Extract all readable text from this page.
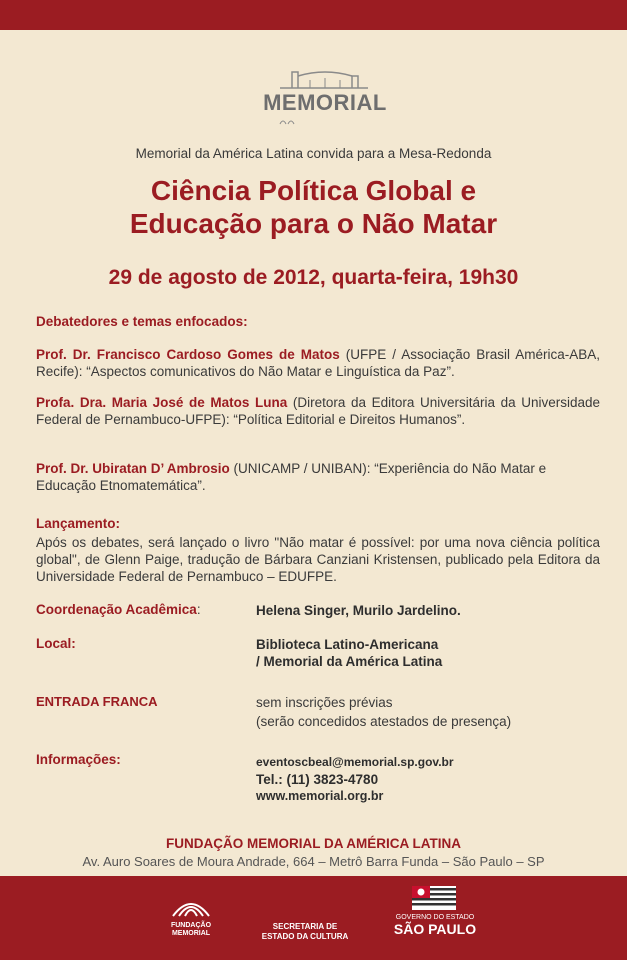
MEMORIAL
Memorial da América Latina convida para a Mesa-Redonda
Ciência Política Global e
Educação para o Não Matar
29 de agosto de 2012, quarta-feira, 19h30
Debatedores e temas enfocados:
Prof. Dr. Francisco Cardoso Gomes de Matos (UFPE / Associação Brasil América-ABA, Recife): “Aspectos comunicativos do Não Matar e Linguística da Paz”.
Profa. Dra. Maria José de Matos Luna (Diretora da Editora Universitária da Universidade Federal de Pernambuco-UFPE): “Política Editorial e Direitos Humanos”.
Prof. Dr. Ubiratan D’ Ambrosio (UNICAMP / UNIBAN): “Experiência do Não Matar e Educação Etnomatemática”.
Lançamento:
Após os debates, será lançado o livro "Não matar é possível: por uma nova ciência política global", de Glenn Paige, tradução de Bárbara Canziani Kristensen, publicado pela Editora da Universidade Federal de Pernambuco – EDUFPE.
Coordenação Acadêmica:	Helena Singer, Murilo Jardelino.
Local:	Biblioteca Latino-Americana
/ Memorial da América Latina
ENTRADA FRANCA	sem inscrições prévias
(serão concedidos atestados de presença)
Informações:	eventoscbeal@memorial.sp.gov.br
Tel.: (11) 3823-4780
www.memorial.org.br
FUNDAÇÃO MEMORIAL DA AMÉRICA LATINA
Av. Auro Soares de Moura Andrade, 664 – Metrô Barra Funda – São Paulo – SP
FUNDAÇÃO
MEMORIAL
SECRETARIA DE
ESTADO DA CULTURA
GOVERNO DO ESTADO
SÃO PAULO
